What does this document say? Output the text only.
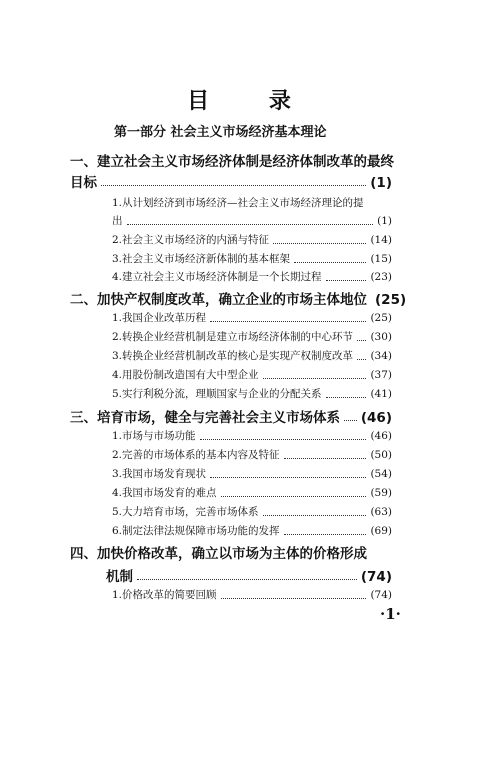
目 录
第一部分 社会主义市场经济基本理论
一、建立社会主义市场经济体制是经济体制改革的最终
目标	(1)
1.从计划经济到市场经济—社会主义市场经济理论的提
出	(1)
2.社会主义市场经济的内涵与特征	(14)
3.社会主义市场经济新体制的基本框架	(15)
4.建立社会主义市场经济体制是一个长期过程	(23)
二、加快产权制度改革，确立企业的市场主体地位 (25)
1.我国企业改革历程	(25)
2.转换企业经营机制是建立市场经济体制的中心环节 (30)
3.转换企业经营机制改革的核心是实现产权制度改革 (34)
4.用股份制改造国有大中型企业	(37)
5.实行利税分流，理顺国家与企业的分配关系	(41)
三、培育市场，健全与完善社会主义市场体系 (46)
1.市场与市场功能	(46)
2.完善的市场体系的基本内容及特征	(50)
3.我国市场发育现状	(54)
4.我国市场发育的难点	(59)
5.大力培育市场，完善市场体系	(63)
6.制定法律法规保障市场功能的发挥	(69)
四、加快价格改革，确立以市场为主体的价格形成
机制	(74)
1.价格改革的简要回顾	(74)
·1·
